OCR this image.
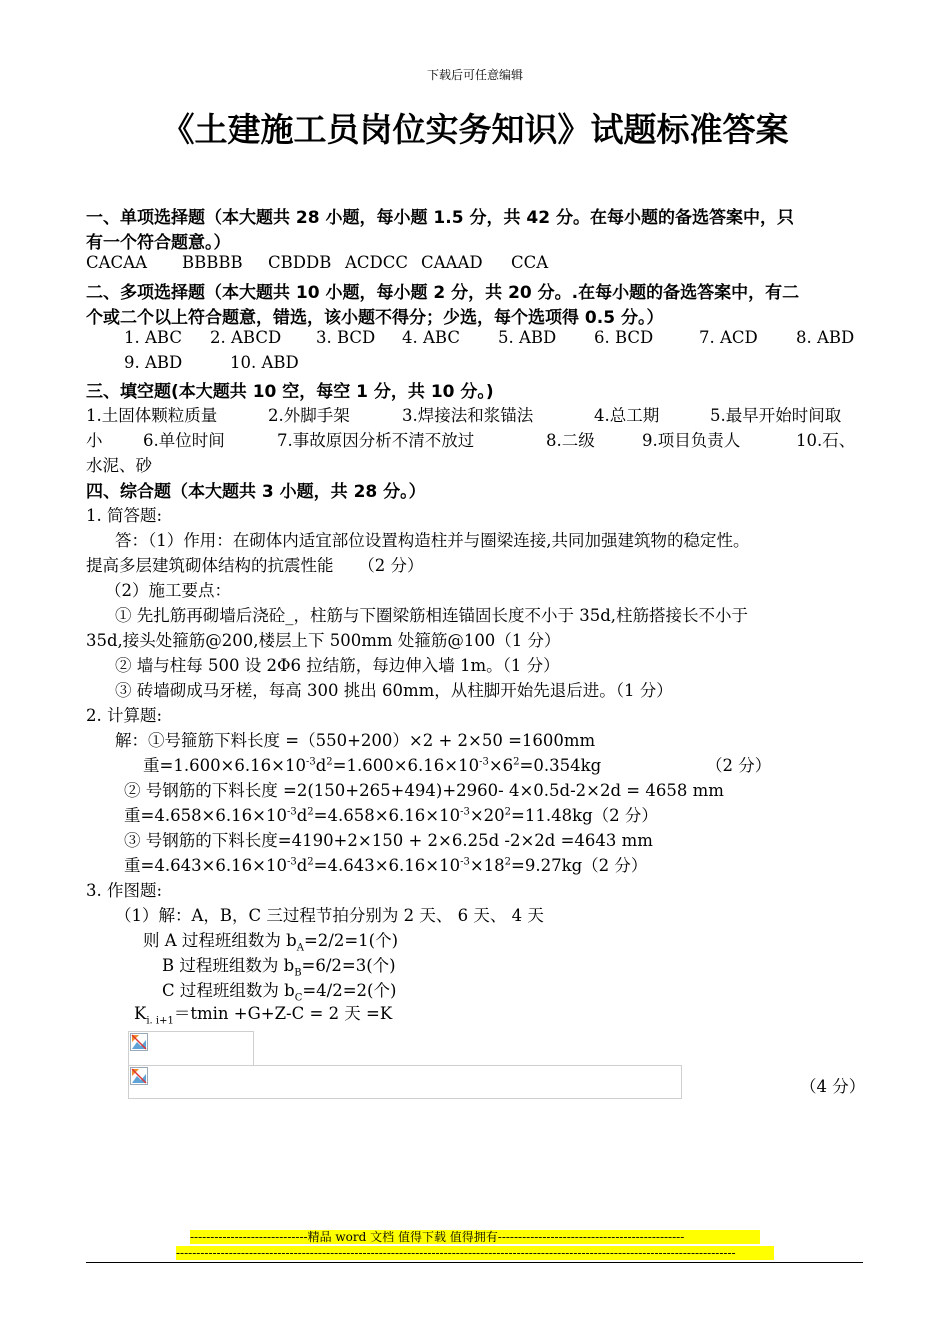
下载后可任意编辑
《土建施工员岗位实务知识》试题标准答案
一、单项选择题（本大题共 28 小题，每小题 1.5 分，共 42 分。在每小题的备选答案中，只
有一个符合题意。）
CACAA BBBBB CBDDB ACDCC CAAAD CCA
二、多项选择题（本大题共 10 小题，每小题 2 分，共 20 分。.在每小题的备选答案中，有二
个或二个以上符合题意，错选，该小题不得分；少选，每个选项得 0.5 分。）
1. ABC 2. ABCD 3. BCD 4. ABC 5. ABD 6. BCD	7. ACD 8. ABD
9. ABD	10. ABD
三、填空题(本大题共 10 空，每空 1 分，共 10 分。)
1.土固体颗粒质量	2.外脚手架	3.焊接法和浆锚法	4.总工期	5.最早开始时间取
小 6.单位时间	7.事故原因分析不清不放过	8.二级	9.项目负责人	10.石、
水泥、砂
四、综合题（本大题共 3 小题，共 28 分。）
1. 简答题:
答：（1）作用：在砌体内适宜部位设置构造柱并与圈梁连接,共同加强建筑物的稳定性。
提高多层建筑砌体结构的抗震性能　　（2 分）
（2）施工要点：
① 先扎筋再砌墙后浇砼_，柱筋与下圈梁筋相连锚固长度不小于 35d,柱筋搭接长不小于
35d,接头处箍筋@200,楼层上下 500mm 处箍筋@100（1 分）
② 墙与柱每 500 设 2Φ6 拉结筋，每边伸入墙 1m。（1 分）
③ 砖墙砌成马牙槎，每高 300 挑出 60mm，从柱脚开始先退后进。（1 分）
2. 计算题:
解：①号箍筋下料长度 =（550+200）×2 + 2×50 =1600mm
重$=1.600\times 6.16\times 10^{-3}d^2=1.600\times 6.16\times 10^{-3}\times 6^2=0.354kg$	（2 分）
② 号钢筋的下料长度 =2(150+265+494)+2960- 4×0.5d-2×2d = 4658 mm
重$=4.658\times 6.16\times 10^{-3}d^2=4.658\times 6.16\times 10^{-3}\times 20^2=11.48kg(2$ 分）
③ 号钢筋的下料长度=4190+2×150 + 2×6.25d -2×2d =4643 mm
重$=4.643\times 6.16\times 10^{-3}d^2=4.643\times 6.16\times 10^{-3}\times 18^2=9.27kg(2$ 分）
3. 作图题:
（1）解：A，B，C 三过程节拍分别为 2 天、 6 天、 4 天
则 A 过程班组数为 $b_A=2/2=1$(个)
B 过程班组数为 $b_B=6/2=3$(个)
C 过程班组数为 $b_C=4/2=2$(个)
$K_{i. i+1}=tmin +G+Z-C = 2$ 天 =K
（4 分）
-----------------------------精品 word 文档 值得下载 值得拥有----------------------------------------------
------------------------------------------------------------------------------------------------------------------------------------------
